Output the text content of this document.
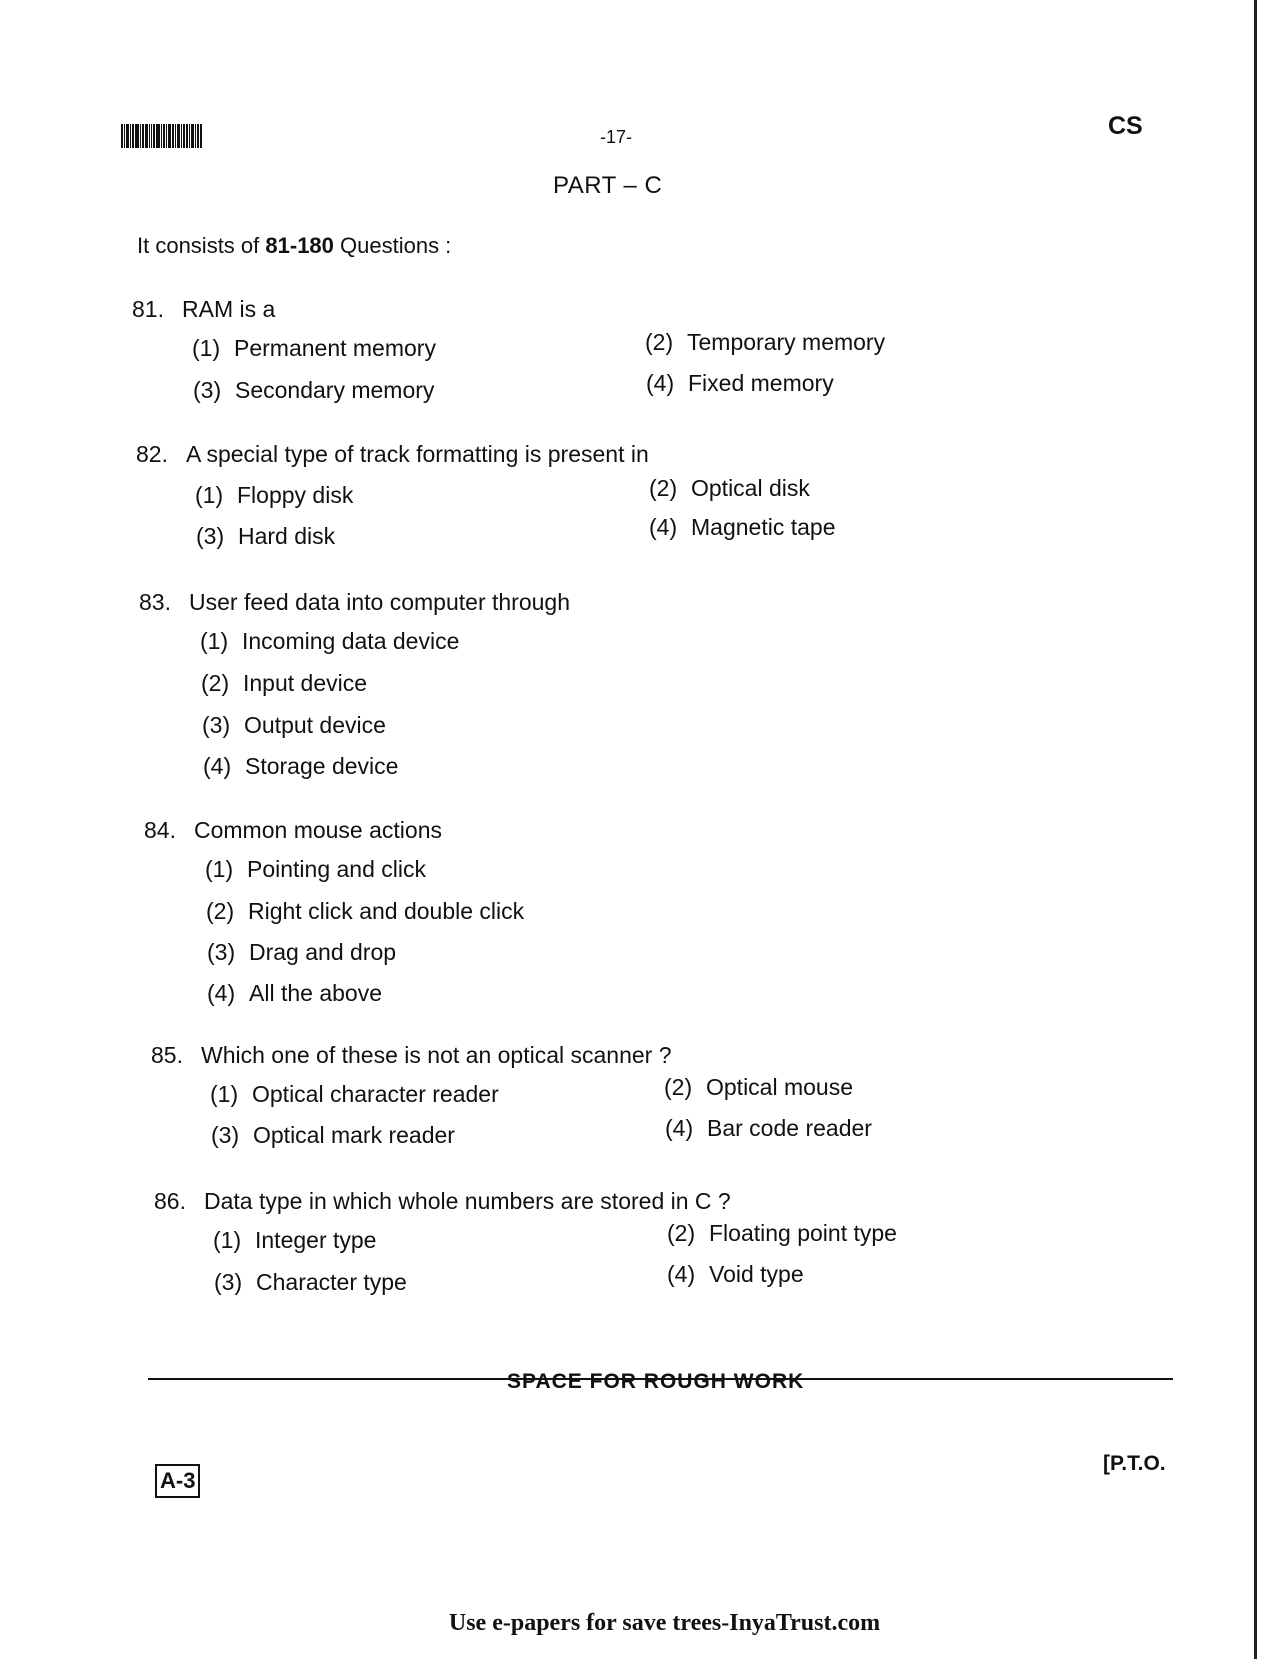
-17-	CS
PART – C
It consists of 81-180 Questions :
81. RAM is a
(1) Permanent memory	(2) Temporary memory
(3) Secondary memory	(4) Fixed memory
82. A special type of track formatting is present in
(1) Floppy disk	(2) Optical disk
(3) Hard disk	(4) Magnetic tape
83. User feed data into computer through
(1) Incoming data device
(2) Input device
(3) Output device
(4) Storage device
84. Common mouse actions
(1) Pointing and click
(2) Right click and double click
(3) Drag and drop
(4) All the above
85. Which one of these is not an optical scanner ?
(1) Optical character reader	(2) Optical mouse
(3) Optical mark reader	(4) Bar code reader
86. Data type in which whole numbers are stored in C ?
(1) Integer type	(2) Floating point type
(3) Character type	(4) Void type
SPACE FOR ROUGH WORK
A-3
[P.T.O.
Use e-papers for save trees-InyaTrust.com
